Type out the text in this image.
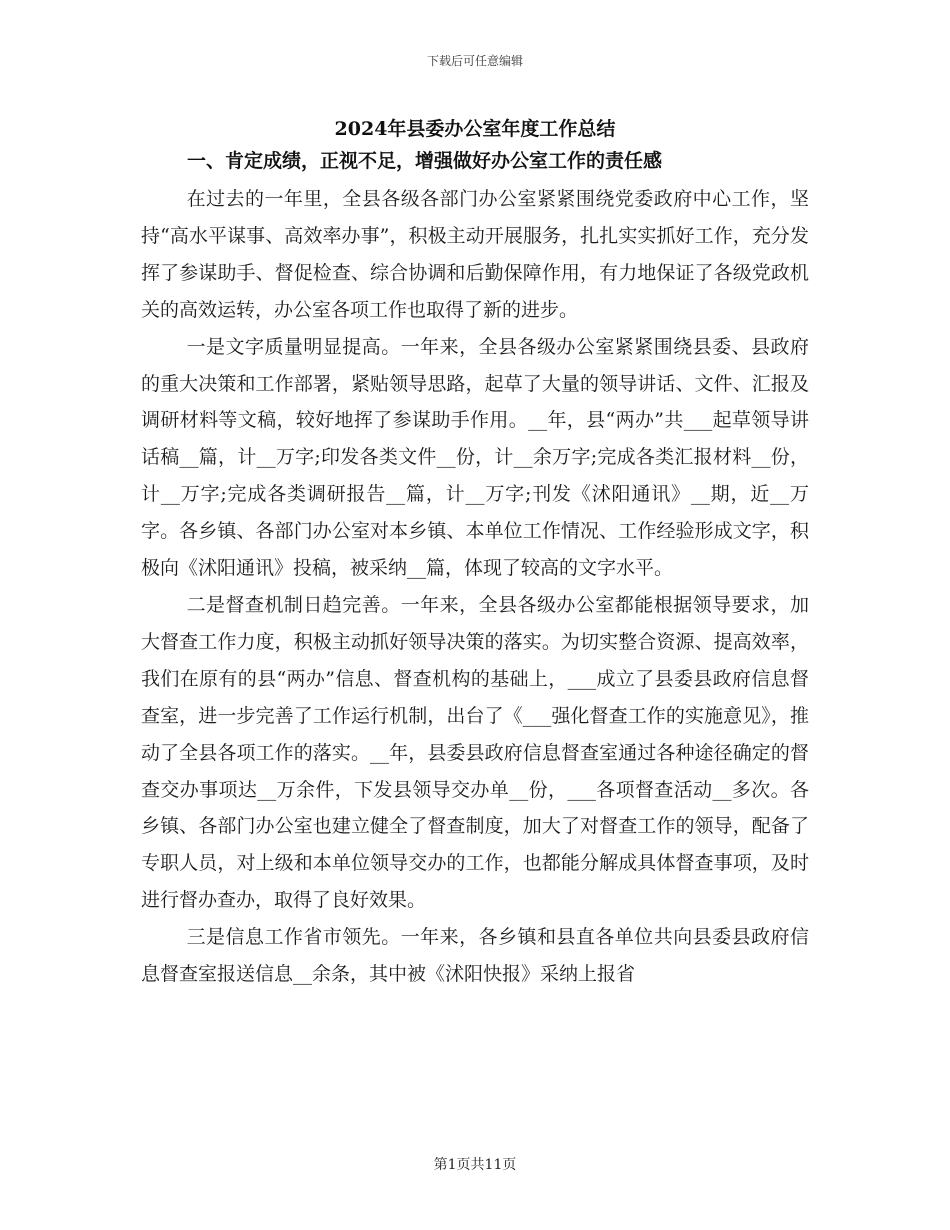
下载后可任意编辑
2024年县委办公室年度工作总结
一、肯定成绩，正视不足，增强做好办公室工作的责任感

在过去的一年里，全县各级各部门办公室紧紧围绕党委政府中心工作，坚持“高水平谋事、高效率办事”，积极主动开展服务，扎扎实实抓好工作，充分发挥了参谋助手、督促检查、综合协调和后勤保障作用，有力地保证了各级党政机关的高效运转，办公室各项工作也取得了新的进步。

一是文字质量明显提高。一年来，全县各级办公室紧紧围绕县委、县政府的重大决策和工作部署，紧贴领导思路，起草了大量的领导讲话、文件、汇报及调研材料等文稿，较好地挥了参谋助手作用。__年，县“两办”共___起草领导讲话稿__篇，计__万字;印发各类文件__份，计__余万字;完成各类汇报材料__份，计__万字;完成各类调研报告__篇，计__万字;刊发《沭阳通讯》__期，近__万字。各乡镇、各部门办公室对本乡镇、本单位工作情况、工作经验形成文字，积极向《沭阳通讯》投稿，被采纳__篇，体现了较高的文字水平。

二是督查机制日趋完善。一年来，全县各级办公室都能根据领导要求，加大督查工作力度，积极主动抓好领导决策的落实。为切实整合资源、提高效率，我们在原有的县“两办”信息、督查机构的基础上，___成立了县委县政府信息督查室，进一步完善了工作运行机制，出台了《___强化督查工作的实施意见》，推动了全县各项工作的落实。__年，县委县政府信息督查室通过各种途径确定的督查交办事项达__万余件，下发县领导交办单__份，___各项督查活动__多次。各乡镇、各部门办公室也建立健全了督查制度，加大了对督查工作的领导，配备了专职人员，对上级和本单位领导交办的工作，也都能分解成具体督查事项，及时进行督办查办，取得了良好效果。

三是信息工作省市领先。一年来，各乡镇和县直各单位共向县委县政府信息督查室报送信息__余条，其中被《沭阳快报》采纳上报省

第1页共11页
